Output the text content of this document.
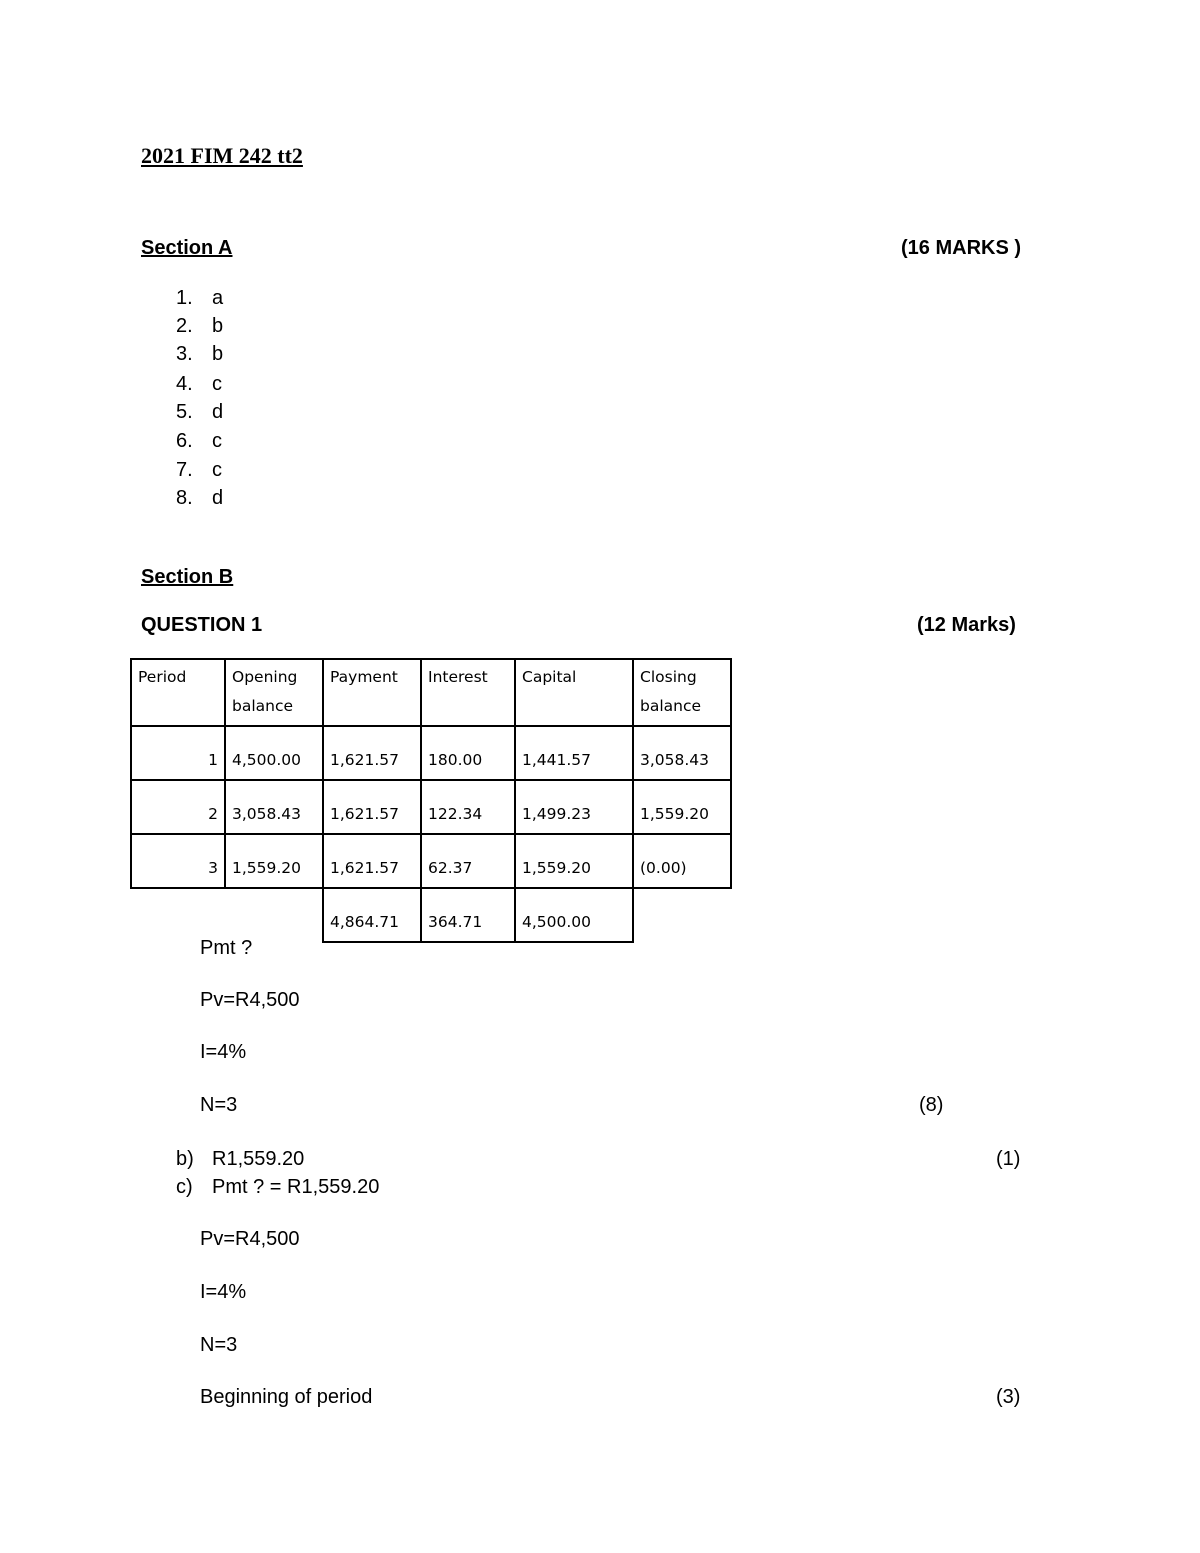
2021 FIM 242 tt2
Section A	(16 MARKS )
1. a
2. b
3. b
4. c
5. d
6. c
7. c
8. d
Section B
QUESTION 1	(12 Marks)
Period	Opening balance	Payment	Interest	Capital	Closing balance
1	4,500.00	1,621.57	180.00	1,441.57	3,058.43
2	3,058.43	1,621.57	122.34	1,499.23	1,559.20
3	1,559.20	1,621.57	62.37	1,559.20	(0.00)
		4,864.71	364.71	4,500.00	
Pmt ?
Pv=R4,500
I=4%
N=3	(8)
b) R1,559.20	(1)
c) Pmt ? = R1,559.20
Pv=R4,500
I=4%
N=3
Beginning of period	(3)
